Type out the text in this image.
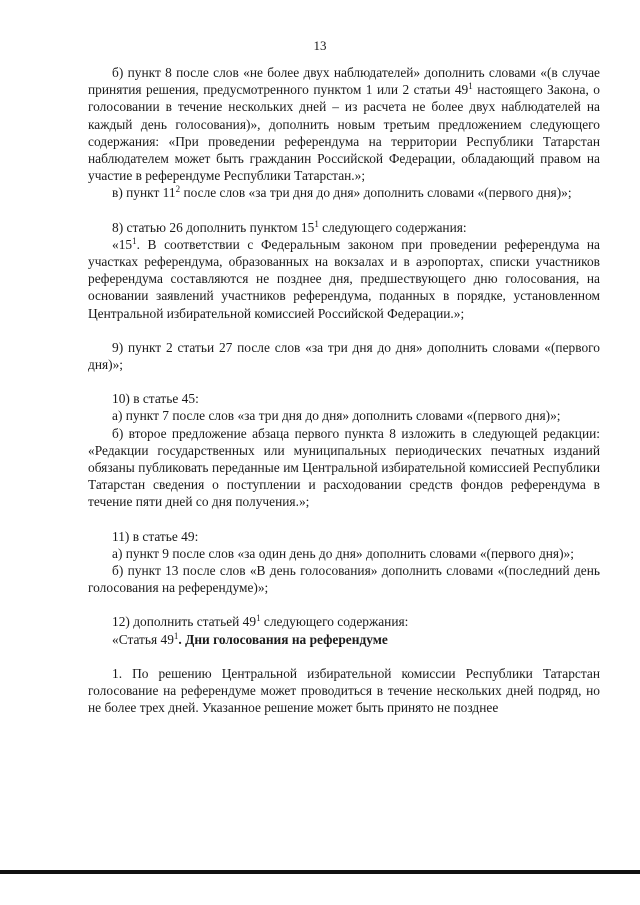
13

б) пункт 8 после слов «не более двух наблюдателей» дополнить словами «(в случае принятия решения, предусмотренного пунктом 1 или 2 статьи $49^1$ настоящего Закона, о голосовании в течение нескольких дней – из расчета не более двух наблюдателей на каждый день голосования)», дополнить новым третьим предложением следующего содержания: «При проведении референдума на территории Республики Татарстан наблюдателем может быть гражданин Российской Федерации, обладающий правом на участие в референдуме Республики Татарстан.»;

в) пункт $11^2$ после слов «за три дня до дня» дополнить словами «(первого дня)»;

8) статью 26 дополнить пунктом $15^1$ следующего содержания:

«$15^1$. В соответствии с Федеральным законом при проведении референдума на участках референдума, образованных на вокзалах и в аэропортах, списки участников референдума составляются не позднее дня, предшествующего дню голосования, на основании заявлений участников референдума, поданных в порядке, установленном Центральной избирательной комиссией Российской Федерации.»;

9) пункт 2 статьи 27 после слов «за три дня до дня» дополнить словами «(первого дня)»;

10) в статье 45:

а) пункт 7 после слов «за три дня до дня» дополнить словами «(первого дня)»;

б) второе предложение абзаца первого пункта 8 изложить в следующей редакции: «Редакции государственных или муниципальных периодических печатных изданий обязаны публиковать переданные им Центральной избирательной комиссией Республики Татарстан сведения о поступлении и расходовании средств фондов референдума в течение пяти дней со дня получения.»;

11) в статье 49:

а) пункт 9 после слов «за один день до дня» дополнить словами «(первого дня)»;

б) пункт 13 после слов «В день голосования» дополнить словами «(последний день голосования на референдуме)»;

12) дополнить статьей $49^1$ следующего содержания:

«Статья $49^1$. Дни голосования на референдуме

1. По решению Центральной избирательной комиссии Республики Татарстан голосование на референдуме может проводиться в течение нескольких дней подряд, но не более трех дней. Указанное решение может быть принято не позднее
